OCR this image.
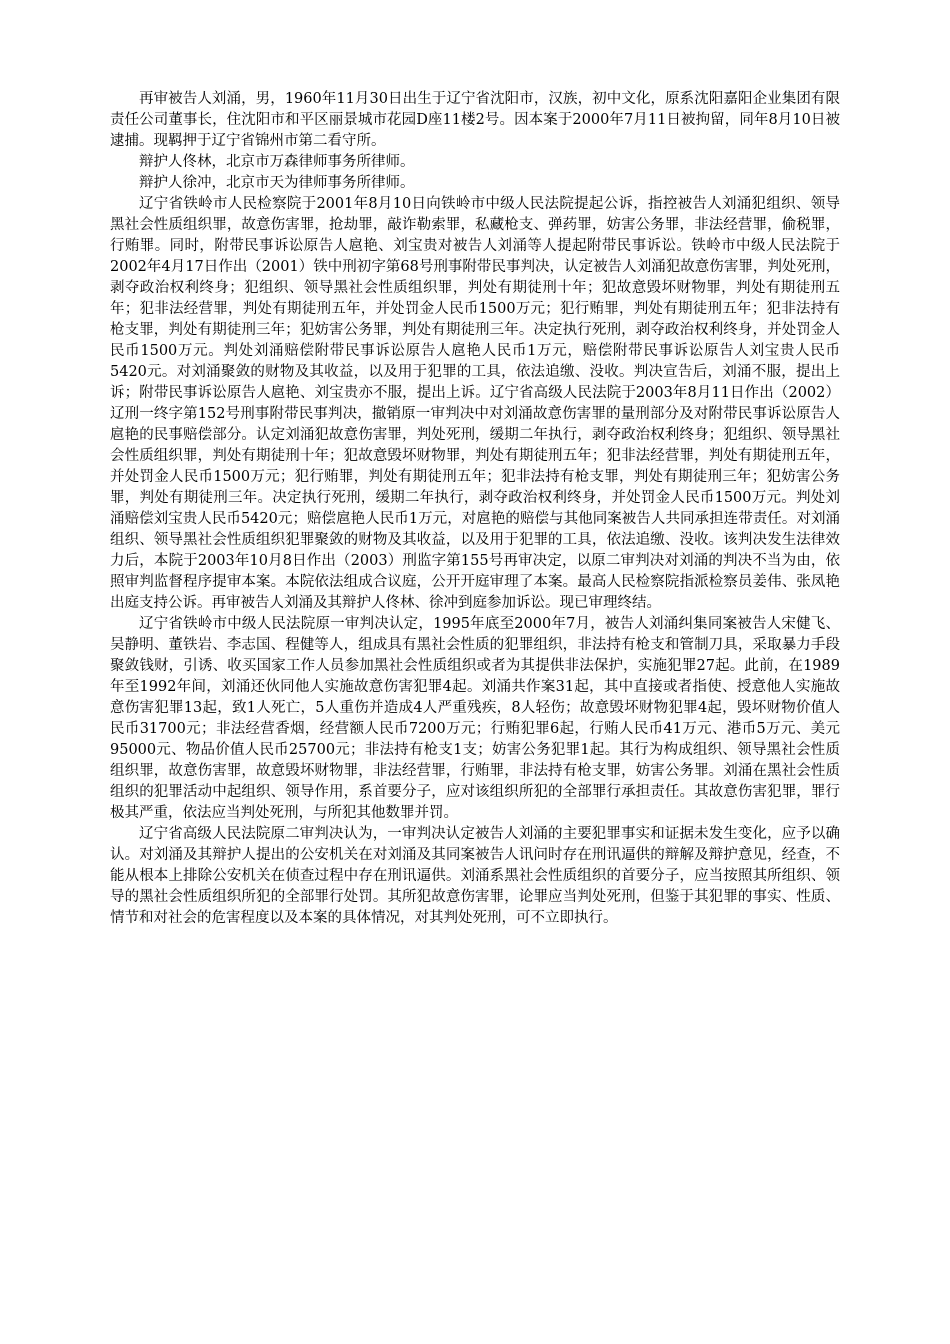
再审被告人刘涌，男，1960年11月30日出生于辽宁省沈阳市，汉族，初中文化，原系沈阳嘉阳企业集团有限责任公司董事长，住沈阳市和平区丽景城市花园D座11楼2号。因本案于2000年7月11日被拘留，同年8月10日被逮捕。现羁押于辽宁省锦州市第二看守所。

辩护人佟林，北京市万森律师事务所律师。

辩护人徐冲，北京市天为律师事务所律师。

辽宁省铁岭市人民检察院于2001年8月10日向铁岭市中级人民法院提起公诉，指控被告人刘涌犯组织、领导黑社会性质组织罪，故意伤害罪，抢劫罪，敲诈勒索罪，私藏枪支、弹药罪，妨害公务罪，非法经营罪，偷税罪，行贿罪。同时，附带民事诉讼原告人扈艳、刘宝贵对被告人刘涌等人提起附带民事诉讼。铁岭市中级人民法院于2002年4月17日作出（2001）铁中刑初字第68号刑事附带民事判决，认定被告人刘涌犯故意伤害罪，判处死刑，剥夺政治权利终身；犯组织、领导黑社会性质组织罪，判处有期徒刑十年；犯故意毁坏财物罪，判处有期徒刑五年；犯非法经营罪，判处有期徒刑五年，并处罚金人民币1500万元；犯行贿罪，判处有期徒刑五年；犯非法持有枪支罪，判处有期徒刑三年；犯妨害公务罪，判处有期徒刑三年。决定执行死刑，剥夺政治权利终身，并处罚金人民币1500万元。判处刘涌赔偿附带民事诉讼原告人扈艳人民币1万元，赔偿附带民事诉讼原告人刘宝贵人民币5420元。对刘涌聚敛的财物及其收益，以及用于犯罪的工具，依法追缴、没收。判决宣告后，刘涌不服，提出上诉；附带民事诉讼原告人扈艳、刘宝贵亦不服，提出上诉。辽宁省高级人民法院于2003年8月11日作出（2002）辽刑一终字第152号刑事附带民事判决，撤销原一审判决中对刘涌故意伤害罪的量刑部分及对附带民事诉讼原告人扈艳的民事赔偿部分。认定刘涌犯故意伤害罪，判处死刑，缓期二年执行，剥夺政治权利终身；犯组织、领导黑社会性质组织罪，判处有期徒刑十年；犯故意毁坏财物罪，判处有期徒刑五年；犯非法经营罪，判处有期徒刑五年，并处罚金人民币1500万元；犯行贿罪，判处有期徒刑五年；犯非法持有枪支罪，判处有期徒刑三年；犯妨害公务罪，判处有期徒刑三年。决定执行死刑，缓期二年执行，剥夺政治权利终身，并处罚金人民币1500万元。判处刘涌赔偿刘宝贵人民币5420元；赔偿扈艳人民币1万元，对扈艳的赔偿与其他同案被告人共同承担连带责任。对刘涌组织、领导黑社会性质组织犯罪聚敛的财物及其收益，以及用于犯罪的工具，依法追缴、没收。该判决发生法律效力后，本院于2003年10月8日作出（2003）刑监字第155号再审决定，以原二审判决对刘涌的判决不当为由，依照审判监督程序提审本案。本院依法组成合议庭，公开开庭审理了本案。最高人民检察院指派检察员姜伟、张凤艳出庭支持公诉。再审被告人刘涌及其辩护人佟林、徐冲到庭参加诉讼。现已审理终结。

辽宁省铁岭市中级人民法院原一审判决认定，1995年底至2000年7月，被告人刘涌纠集同案被告人宋健飞、吴静明、董铁岩、李志国、程健等人，组成具有黑社会性质的犯罪组织，非法持有枪支和管制刀具，采取暴力手段聚敛钱财，引诱、收买国家工作人员参加黑社会性质组织或者为其提供非法保护，实施犯罪27起。此前，在1989年至1992年间，刘涌还伙同他人实施故意伤害犯罪4起。刘涌共作案31起，其中直接或者指使、授意他人实施故意伤害犯罪13起，致1人死亡，5人重伤并造成4人严重残疾，8人轻伤；故意毁坏财物犯罪4起，毁坏财物价值人民币31700元；非法经营香烟，经营额人民币7200万元；行贿犯罪6起，行贿人民币41万元、港币5万元、美元95000元、物品价值人民币25700元；非法持有枪支1支；妨害公务犯罪1起。其行为构成组织、领导黑社会性质组织罪，故意伤害罪，故意毁坏财物罪，非法经营罪，行贿罪，非法持有枪支罪，妨害公务罪。刘涌在黑社会性质组织的犯罪活动中起组织、领导作用，系首要分子，应对该组织所犯的全部罪行承担责任。其故意伤害犯罪，罪行极其严重，依法应当判处死刑，与所犯其他数罪并罚。

辽宁省高级人民法院原二审判决认为，一审判决认定被告人刘涌的主要犯罪事实和证据未发生变化，应予以确认。对刘涌及其辩护人提出的公安机关在对刘涌及其同案被告人讯问时存在刑讯逼供的辩解及辩护意见，经查，不能从根本上排除公安机关在侦查过程中存在刑讯逼供。刘涌系黑社会性质组织的首要分子，应当按照其所组织、领导的黑社会性质组织所犯的全部罪行处罚。其所犯故意伤害罪，论罪应当判处死刑，但鉴于其犯罪的事实、性质、情节和对社会的危害程度以及本案的具体情况，对其判处死刑，可不立即执行。
